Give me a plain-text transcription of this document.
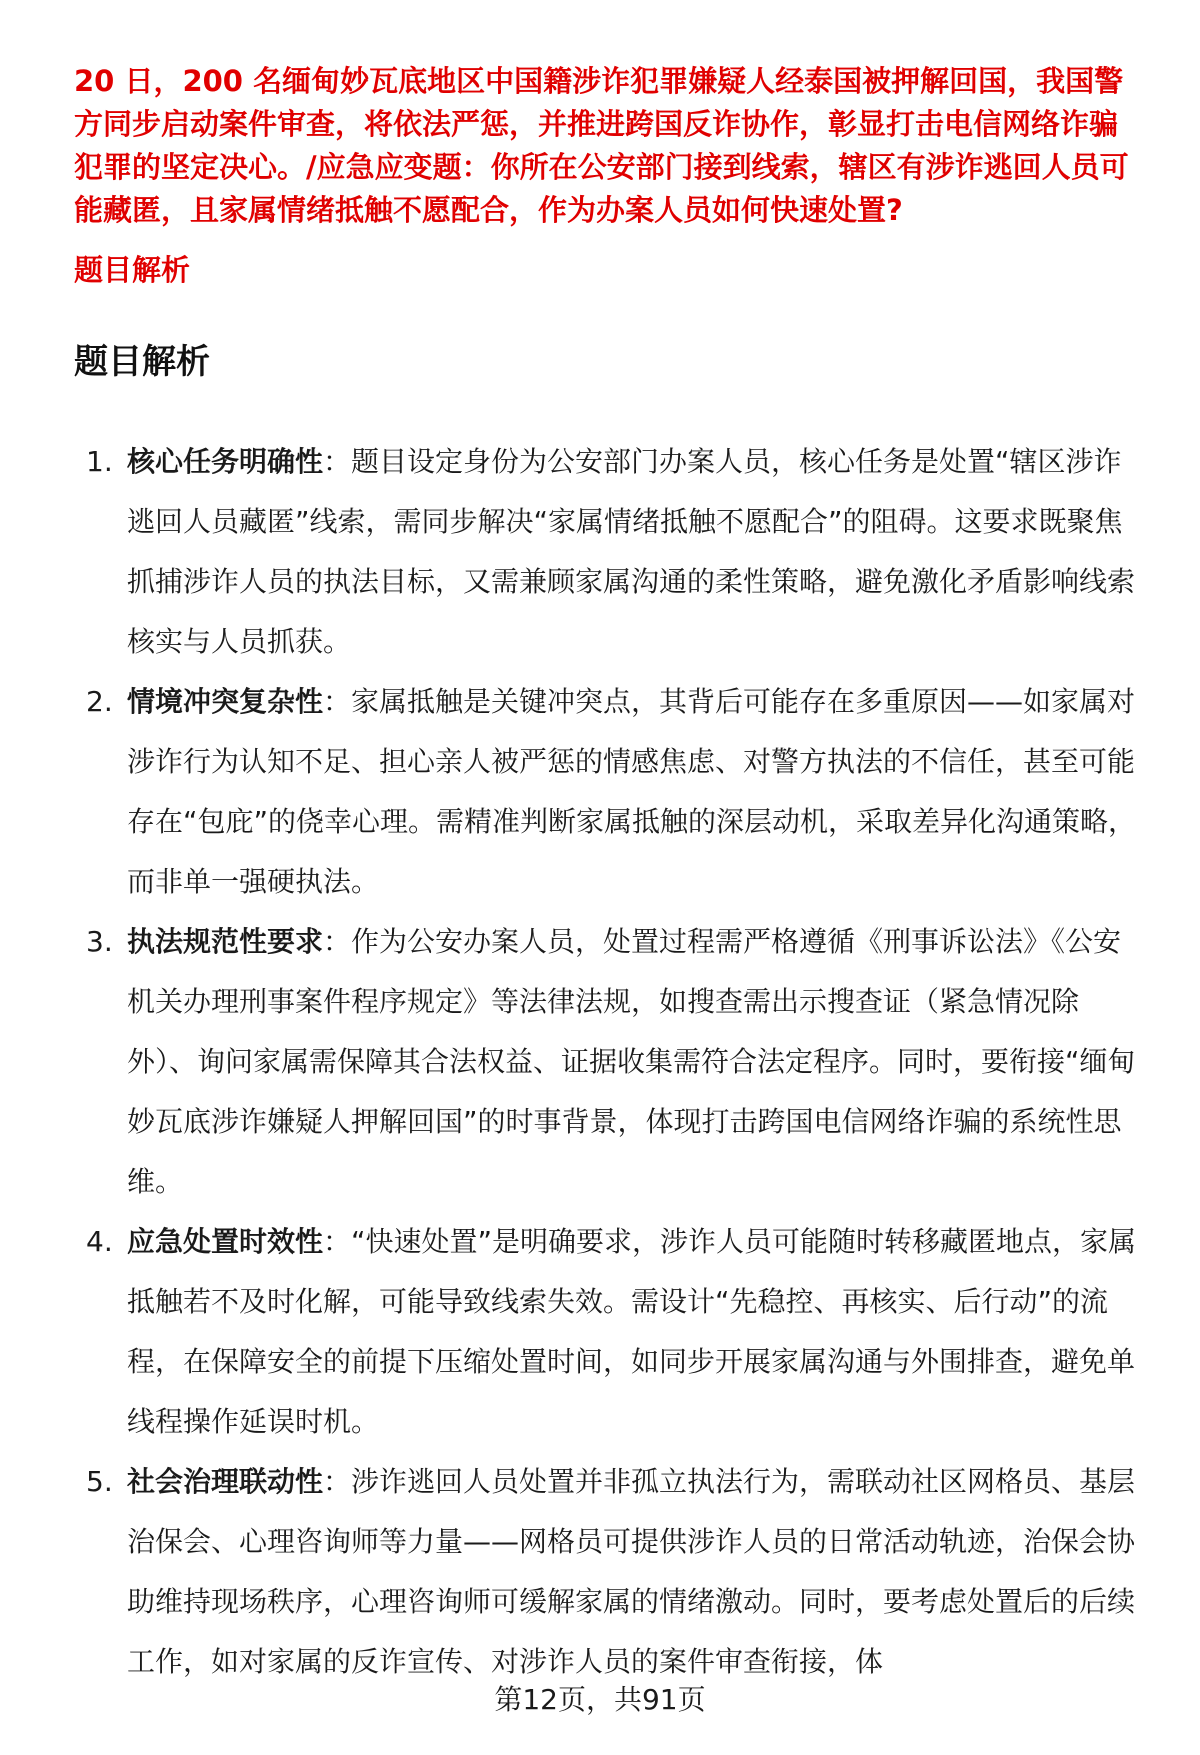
20 日，200 名缅甸妙瓦底地区中国籍涉诈犯罪嫌疑人经泰国被押解回国，我国警方同步启动案件审查，将依法严惩，并推进跨国反诈协作，彰显打击电信网络诈骗犯罪的坚定决心。/应急应变题：你所在公安部门接到线索，辖区有涉诈逃回人员可能藏匿，且家属情绪抵触不愿配合，作为办案人员如何快速处置?

题目解析

题目解析
1. 核心任务明确性：题目设定身份为公安部门办案人员，核心任务是处置“辖区涉诈逃回人员藏匿”线索，需同步解决“家属情绪抵触不愿配合”的阻碍。这要求既聚焦抓捕涉诈人员的执法目标，又需兼顾家属沟通的柔性策略，避免激化矛盾影响线索核实与人员抓获。
2. 情境冲突复杂性：家属抵触是关键冲突点，其背后可能存在多重原因——如家属对涉诈行为认知不足、担心亲人被严惩的情感焦虑、对警方执法的不信任，甚至可能存在“包庇”的侥幸心理。需精准判断家属抵触的深层动机，采取差异化沟通策略，而非单一强硬执法。
3. 执法规范性要求：作为公安办案人员，处置过程需严格遵循《刑事诉讼法》《公安机关办理刑事案件程序规定》等法律法规，如搜查需出示搜查证（紧急情况除外）、询问家属需保障其合法权益、证据收集需符合法定程序。同时，要衔接“缅甸妙瓦底涉诈嫌疑人押解回国”的时事背景，体现打击跨国电信网络诈骗的系统性思维。
4. 应急处置时效性：“快速处置”是明确要求，涉诈人员可能随时转移藏匿地点，家属抵触若不及时化解，可能导致线索失效。需设计“先稳控、再核实、后行动”的流程，在保障安全的前提下压缩处置时间，如同步开展家属沟通与外围排查，避免单线程操作延误时机。
5. 社会治理联动性：涉诈逃回人员处置并非孤立执法行为，需联动社区网格员、基层治保会、心理咨询师等力量——网格员可提供涉诈人员的日常活动轨迹，治保会协助维持现场秩序，心理咨询师可缓解家属的情绪激动。同时，要考虑处置后的后续工作，如对家属的反诈宣传、对涉诈人员的案件审查衔接，体
第12页，共91页
